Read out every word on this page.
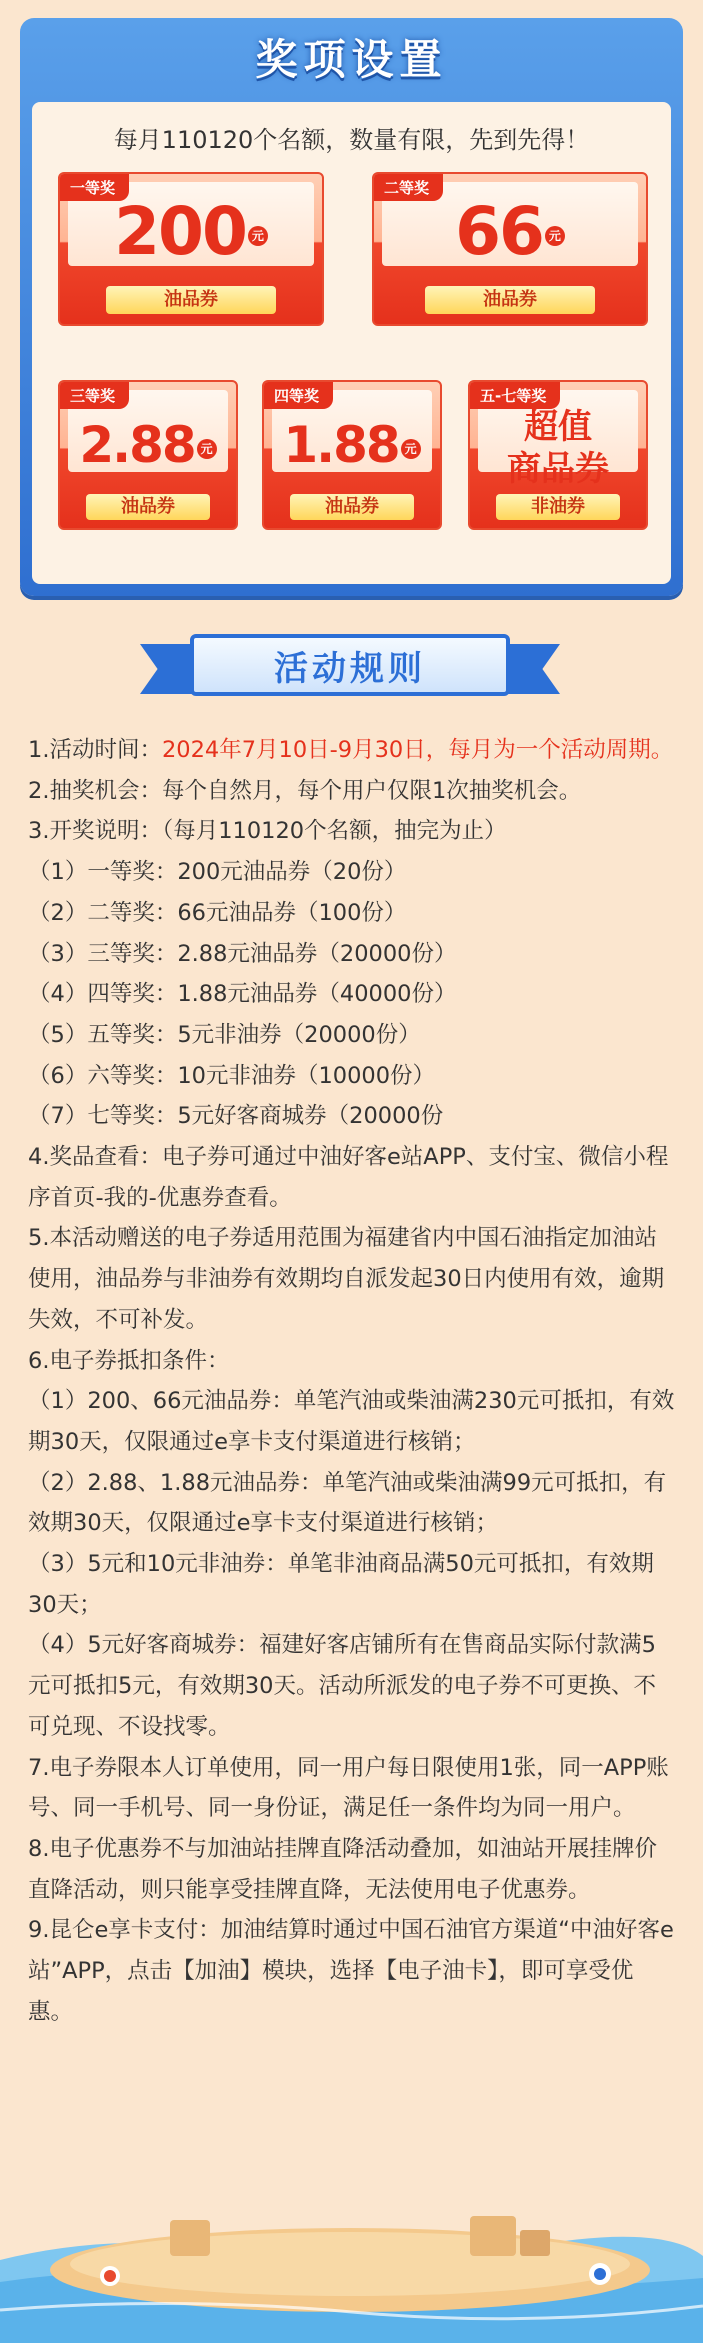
奖项设置
每月110120个名额，数量有限，先到先得！
一等奖
200 元
油品券
二等奖
66 元
油品券
三等奖
2.88 元
油品券
四等奖
1.88 元
油品券
五-七等奖
超值
商品券
非油券
活动规则

1.活动时间：2024年7月10日-9月30日，每月为一个活动周期。

2.抽奖机会：每个自然月，每个用户仅限1次抽奖机会。

3.开奖说明：（每月110120个名额，抽完为止）

（1）一等奖：200元油品券（20份）

（2）二等奖：66元油品券（100份）

（3）三等奖：2.88元油品券（20000份）

（4）四等奖：1.88元油品券（40000份）

（5）五等奖：5元非油券（20000份）

（6）六等奖：10元非油券（10000份）

（7）七等奖：5元好客商城券（20000份

4.奖品查看：电子券可通过中油好客e站APP、支付宝、微信小程序首页-我的-优惠券查看。

5.本活动赠送的电子券适用范围为福建省内中国石油指定加油站使用，油品券与非油券有效期均自派发起30日内使用有效，逾期失效，不可补发。

6.电子券抵扣条件：

（1）200、66元油品券：单笔汽油或柴油满230元可抵扣，有效期30天，仅限通过e享卡支付渠道进行核销；

（2）2.88、1.88元油品券：单笔汽油或柴油满99元可抵扣，有效期30天，仅限通过e享卡支付渠道进行核销；

（3）5元和10元非油券：单笔非油商品满50元可抵扣，有效期30天；

（4）5元好客商城券：福建好客店铺所有在售商品实际付款满5元可抵扣5元，有效期30天。活动所派发的电子券不可更换、不可兑现、不设找零。

7.电子券限本人订单使用，同一用户每日限使用1张，同一APP账号、同一手机号、同一身份证，满足任一条件均为同一用户。

8.电子优惠券不与加油站挂牌直降活动叠加，如油站开展挂牌价直降活动，则只能享受挂牌直降，无法使用电子优惠券。

9.昆仑e享卡支付：加油结算时通过中国石油官方渠道“中油好客e站”APP，点击【加油】模块，选择【电子油卡】，即可享受优惠。
